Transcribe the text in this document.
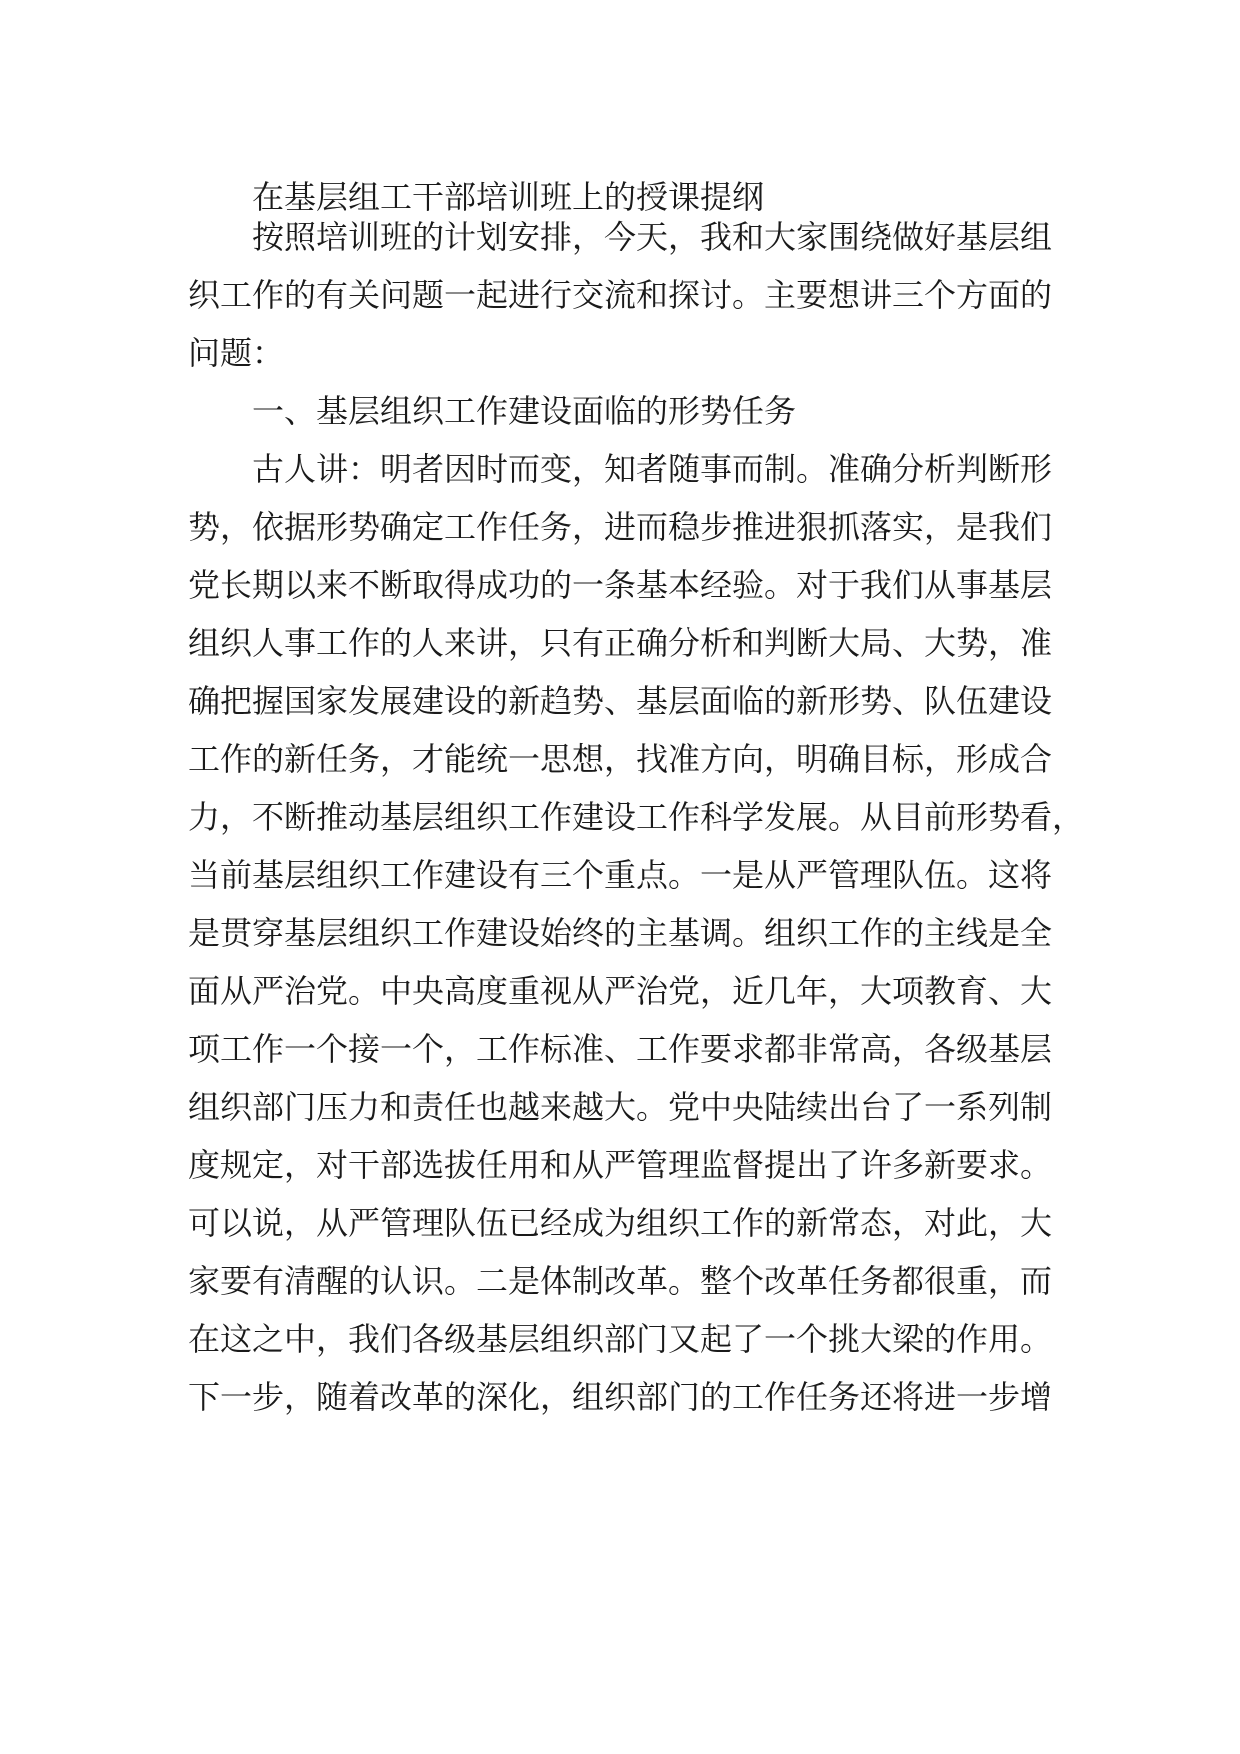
在基层组工干部培训班上的授课提纲
按照培训班的计划安排，今天，我和大家围绕做好基层组
织工作的有关问题一起进行交流和探讨。主要想讲三个方面的
问题：
一、基层组织工作建设面临的形势任务
古人讲：明者因时而变，知者随事而制。准确分析判断形
势，依据形势确定工作任务，进而稳步推进狠抓落实，是我们
党长期以来不断取得成功的一条基本经验。对于我们从事基层
组织人事工作的人来讲，只有正确分析和判断大局、大势，准
确把握国家发展建设的新趋势、基层面临的新形势、队伍建设
工作的新任务，才能统一思想，找准方向，明确目标，形成合
力，不断推动基层组织工作建设工作科学发展。从目前形势看，
当前基层组织工作建设有三个重点。一是从严管理队伍。这将
是贯穿基层组织工作建设始终的主基调。组织工作的主线是全
面从严治党。中央高度重视从严治党，近几年，大项教育、大
项工作一个接一个，工作标准、工作要求都非常高，各级基层
组织部门压力和责任也越来越大。党中央陆续出台了一系列制
度规定，对干部选拔任用和从严管理监督提出了许多新要求。
可以说，从严管理队伍已经成为组织工作的新常态，对此，大
家要有清醒的认识。二是体制改革。整个改革任务都很重，而
在这之中，我们各级基层组织部门又起了一个挑大梁的作用。
下一步，随着改革的深化，组织部门的工作任务还将进一步增
